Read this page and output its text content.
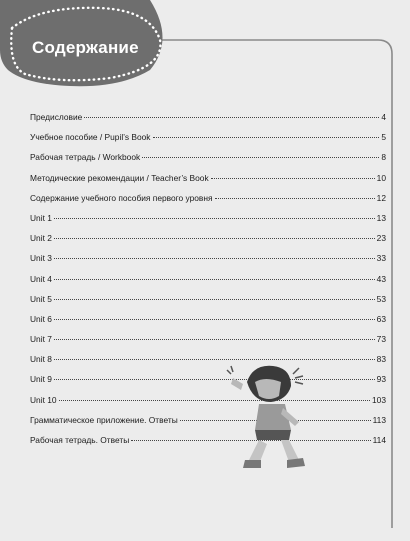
Содержание
Предисловие	4
Учебное пособие / Pupil’s Book	5
Рабочая тетрадь / Workbook	8
Методические рекомендации / Teacher’s Book	10
Содержание учебного пособия первого уровня	12
Unit 1	13
Unit 2	23
Unit 3	33
Unit 4	43
Unit 5	53
Unit 6	63
Unit 7	73
Unit 8	83
Unit 9	93
Unit 10	103
Грамматическое приложение. Ответы	113
Рабочая тетрадь. Ответы	114
